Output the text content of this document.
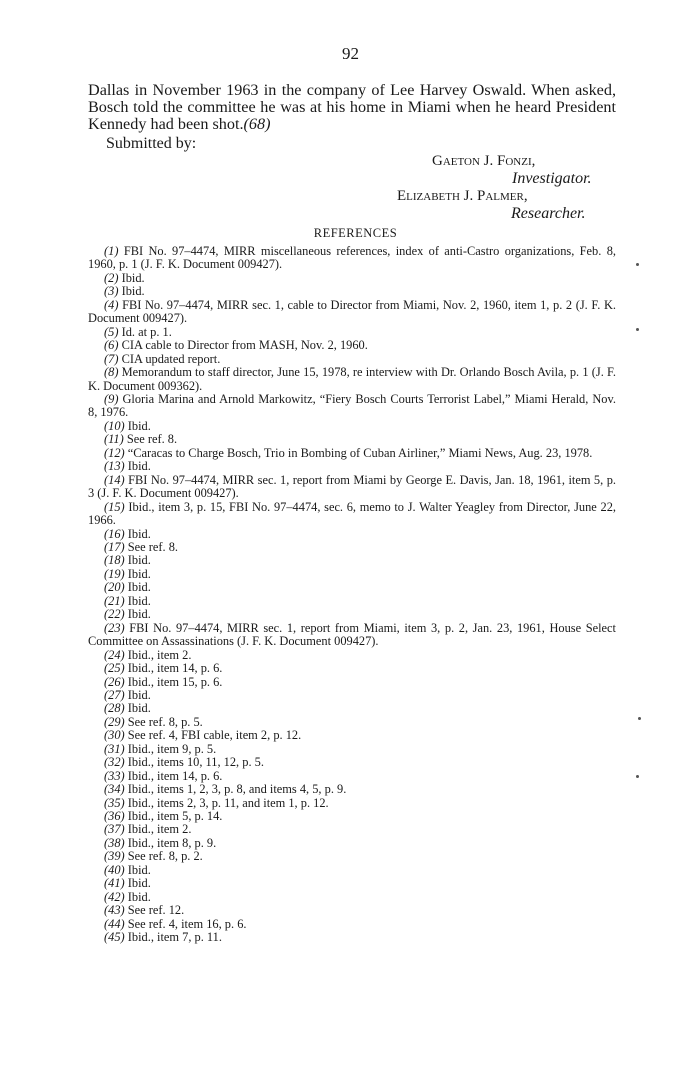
92
Dallas in November 1963 in the company of Lee Harvey Oswald. When asked, Bosch told the committee he was at his home in Miami when he heard President Kennedy had been shot.(68)
Submitted by:
Gaeton J. Fonzi,
Investigator.
Elizabeth J. Palmer,
Researcher.
REFERENCES

(1) FBI No. 97–4474, MIRR miscellaneous references, index of anti-Castro organizations, Feb. 8, 1960, p. 1 (J. F. K. Document 009427).

(2) Ibid.

(3) Ibid.

(4) FBI No. 97–4474, MIRR sec. 1, cable to Director from Miami, Nov. 2, 1960, item 1, p. 2 (J. F. K. Document 009427).

(5) Id. at p. 1.

(6) CIA cable to Director from MASH, Nov. 2, 1960.

(7) CIA updated report.

(8) Memorandum to staff director, June 15, 1978, re interview with Dr. Orlando Bosch Avila, p. 1 (J. F. K. Document 009362).

(9) Gloria Marina and Arnold Markowitz, “Fiery Bosch Courts Terrorist Label,” Miami Herald, Nov. 8, 1976.

(10) Ibid.

(11) See ref. 8.

(12) “Caracas to Charge Bosch, Trio in Bombing of Cuban Airliner,” Miami News, Aug. 23, 1978.

(13) Ibid.

(14) FBI No. 97–4474, MIRR sec. 1, report from Miami by George E. Davis, Jan. 18, 1961, item 5, p. 3 (J. F. K. Document 009427).

(15) Ibid., item 3, p. 15, FBI No. 97–4474, sec. 6, memo to J. Walter Yeagley from Director, June 22, 1966.

(16) Ibid.

(17) See ref. 8.

(18) Ibid.

(19) Ibid.

(20) Ibid.

(21) Ibid.

(22) Ibid.

(23) FBI No. 97–4474, MIRR sec. 1, report from Miami, item 3, p. 2, Jan. 23, 1961, House Select Committee on Assassinations (J. F. K. Document 009427).

(24) Ibid., item 2.

(25) Ibid., item 14, p. 6.

(26) Ibid., item 15, p. 6.

(27) Ibid.

(28) Ibid.

(29) See ref. 8, p. 5.

(30) See ref. 4, FBI cable, item 2, p. 12.

(31) Ibid., item 9, p. 5.

(32) Ibid., items 10, 11, 12, p. 5.

(33) Ibid., item 14, p. 6.

(34) Ibid., items 1, 2, 3, p. 8, and items 4, 5, p. 9.

(35) Ibid., items 2, 3, p. 11, and item 1, p. 12.

(36) Ibid., item 5, p. 14.

(37) Ibid., item 2.

(38) Ibid., item 8, p. 9.

(39) See ref. 8, p. 2.

(40) Ibid.

(41) Ibid.

(42) Ibid.

(43) See ref. 12.

(44) See ref. 4, item 16, p. 6.

(45) Ibid., item 7, p. 11.
